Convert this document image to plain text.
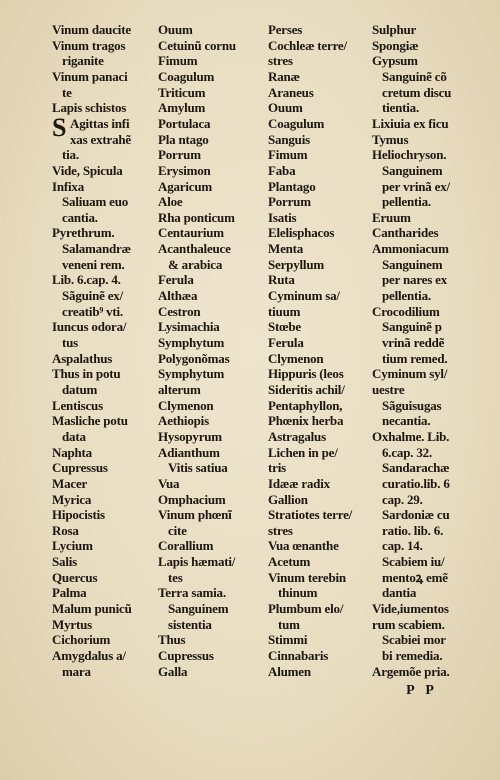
Vinum daucite
Vinum tragos
riganite
Vinum panaci
te
Lapis schistos
S Agittas infi
xas extrahẽ
tia.
Vide, Spicula
Infixa
Saliuam euo
cantia.
Pyrethrum.
Salamandræ
veneni rem.
Lib. 6.cap. 4.
Sãguinẽ ex/
creatib⁹ vti.
Iuncus odora/
tus
Aspalathus
Thus in potu
datum
Lentiscus
Masliche potu
data
Naphta
Cupressus
Macer
Myrica
Hipocistis
Rosa
Lycium
Salis
Quercus
Palma
Malum punicũ
Myrtus
Cichorium
Amygdalus a/
mara
Ouum
Cetuinũ cornu
Fimum
Coagulum
Triticum
Amylum
Portulaca
Pla ntago
Porrum
Erysimon
Agaricum
Aloe
Rha ponticum
Centaurium
Acanthaleuce
& arabica
Ferula
Althæa
Cestron
Lysimachia
Symphytum
Polygonõmas
Symphytum
alterum
Clymenon
Aethiopis
Hysopyrum
Adianthum
Vitis satiua
Vua
Omphacium
Vinum phœnĩ
cite
Corallium
Lapis hæmati/
tes
Terra samia.
Sanguinem
sistentia
Thus
Cupressus
Galla
Perses
Cochleæ terre/
stres
Ranæ
Araneus
Ouum
Coagulum
Sanguis
Fimum
Faba
Plantago
Porrum
Isatis
Elelisphacos
Menta
Serpyllum
Ruta
Cyminum sa/
tiuum
Stœbe
Ferula
Clymenon
Hippuris (leos
Sideritis achil/
Pentaphyllon,
Phœnix herba
Astragalus
Lichen in pe/
tris
Idææ radix
Gallion
Stratiotes terre/
stres
Vua œnanthe
Acetum
Vinum terebin
thinum
Plumbum elo/
tum
Stimmi
Cinnabaris
Alumen
Sulphur
Spongiæ
Gypsum
Sanguinẽ cõ
cretum discu
tientia.
Lixiuia ex ficu
Tymus
Heliochryson.
Sanguinem
per vrinã ex/
pellentia.
Eruum
Cantharides
Ammoniacum
Sanguinem
per nares ex
pellentia.
Crocodilium
Sanguinẽ p
vrinã reddẽ
tium remed.
Cyminum syl/
uestre
Sãguisugas
necantia.
Oxhalme. Lib.
6.cap. 32.
Sandarachæ
curatio.lib. 6
cap. 29.
Sardoniæ cu
ratio. lib. 6.
cap. 14.
Scabiem iu/
mentoꝝ emẽ
dantia
Vide,iumentos
rum scabiem.
Scabiei mor
bi remedia.
Argemõe pria.
P P
